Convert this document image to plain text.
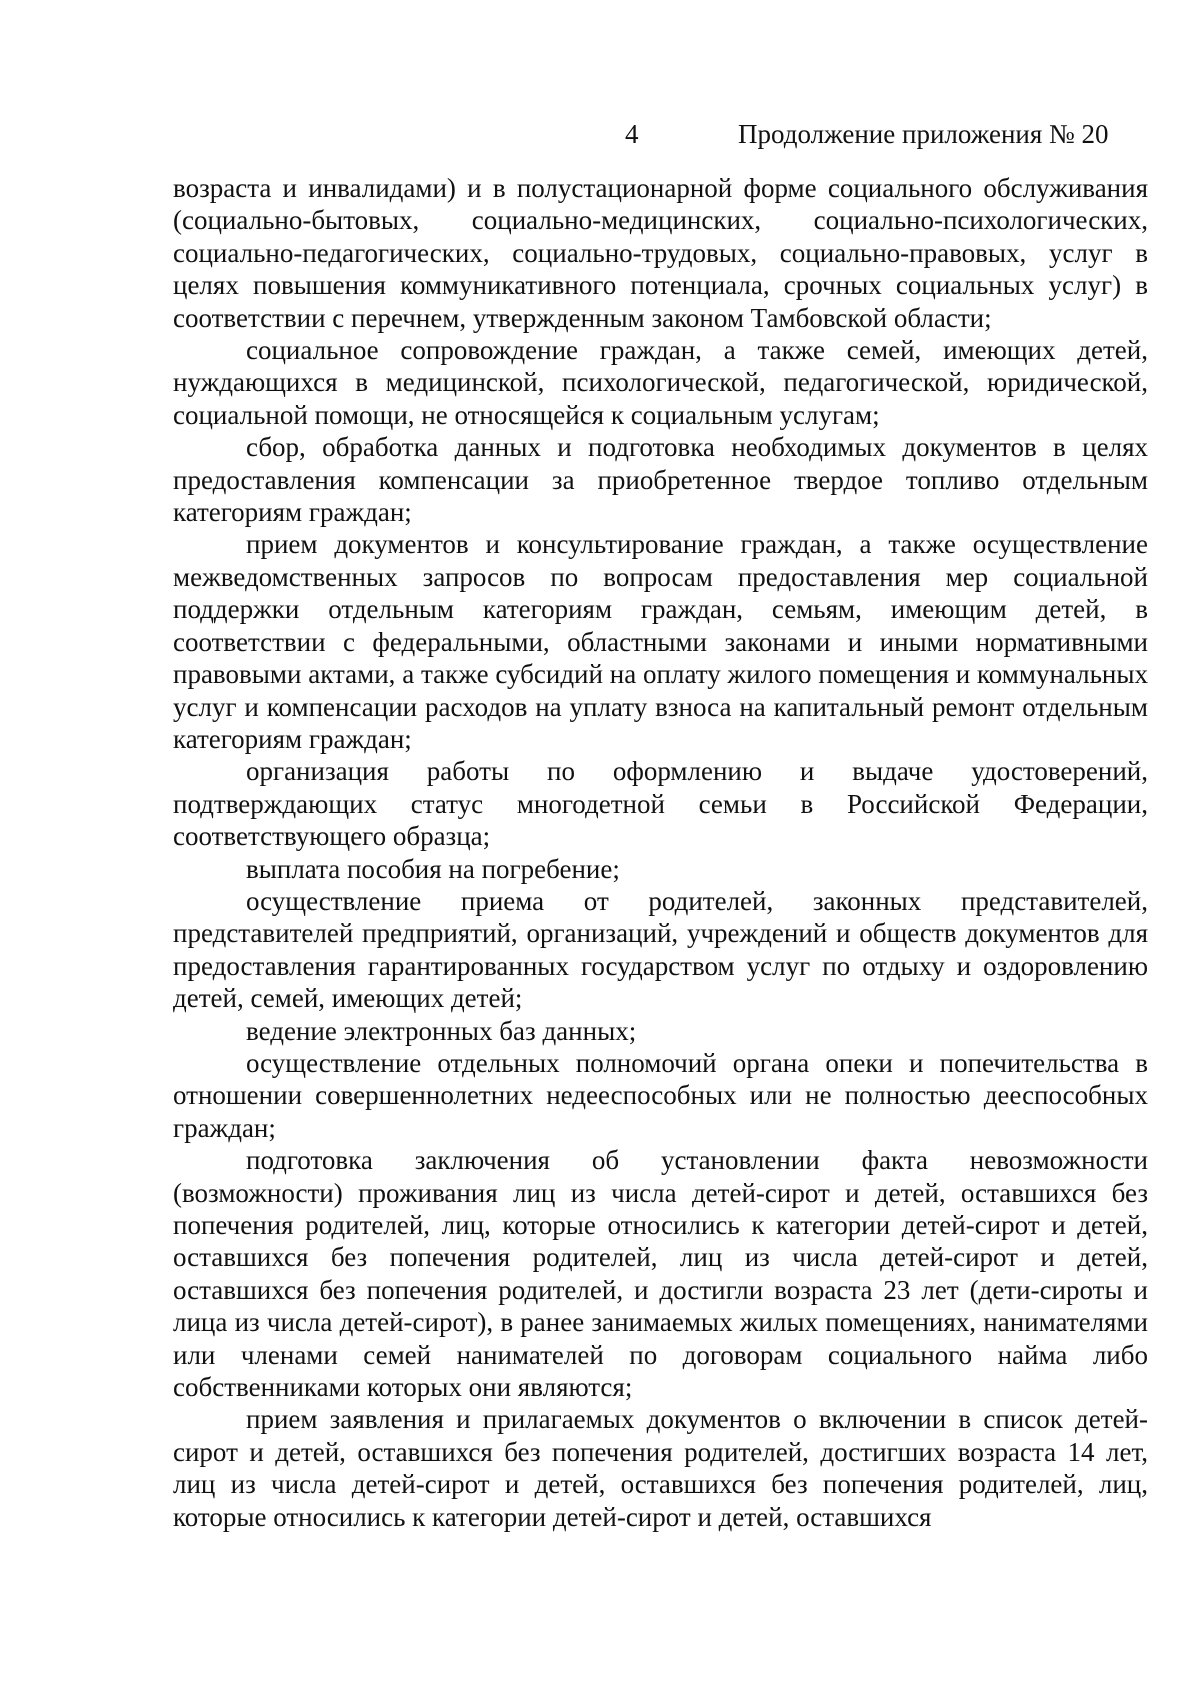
4	Продолжение приложения № 20

возраста и инвалидами) и в полустационарной форме социального обслуживания (социально-бытовых, социально-медицинских, социально-психологических, социально-педагогических, социально-трудовых, социально-правовых, услуг в целях повышения коммуникативного потенциала, срочных социальных услуг) в соответствии с перечнем, утвержденным законом Тамбовской области;

социальное сопровождение граждан, а также семей, имеющих детей, нуждающихся в медицинской, психологической, педагогической, юридической, социальной помощи, не относящейся к социальным услугам;

сбор, обработка данных и подготовка необходимых документов в целях предоставления компенсации за приобретенное твердое топливо отдельным категориям граждан;

прием документов и консультирование граждан, а также осуществление межведомственных запросов по вопросам предоставления мер социальной поддержки отдельным категориям граждан, семьям, имеющим детей, в соответствии с федеральными, областными законами и иными нормативными правовыми актами, а также субсидий на оплату жилого помещения и коммунальных услуг и компенсации расходов на уплату взноса на капитальный ремонт отдельным категориям граждан;

организация работы по оформлению и выдаче удостоверений, подтверждающих статус многодетной семьи в Российской Федерации, соответствующего образца;

выплата пособия на погребение;

осуществление приема от родителей, законных представителей, представителей предприятий, организаций, учреждений и обществ документов для предоставления гарантированных государством услуг по отдыху и оздоровлению детей, семей, имеющих детей;

ведение электронных баз данных;

осуществление отдельных полномочий органа опеки и попечительства в отношении совершеннолетних недееспособных или не полностью дееспособных граждан;

подготовка заключения об установлении факта невозможности (возможности) проживания лиц из числа детей-сирот и детей, оставшихся без попечения родителей, лиц, которые относились к категории детей-сирот и детей, оставшихся без попечения родителей, лиц из числа детей-сирот и детей, оставшихся без попечения родителей, и достигли возраста 23 лет (дети-сироты и лица из числа детей-сирот), в ранее занимаемых жилых помещениях, нанимателями или членами семей нанимателей по договорам социального найма либо собственниками которых они являются;

прием заявления и прилагаемых документов о включении в список детей-сирот и детей, оставшихся без попечения родителей, достигших возраста 14 лет, лиц из числа детей-сирот и детей, оставшихся без попечения родителей, лиц, которые относились к категории детей-сирот и детей, оставшихся
